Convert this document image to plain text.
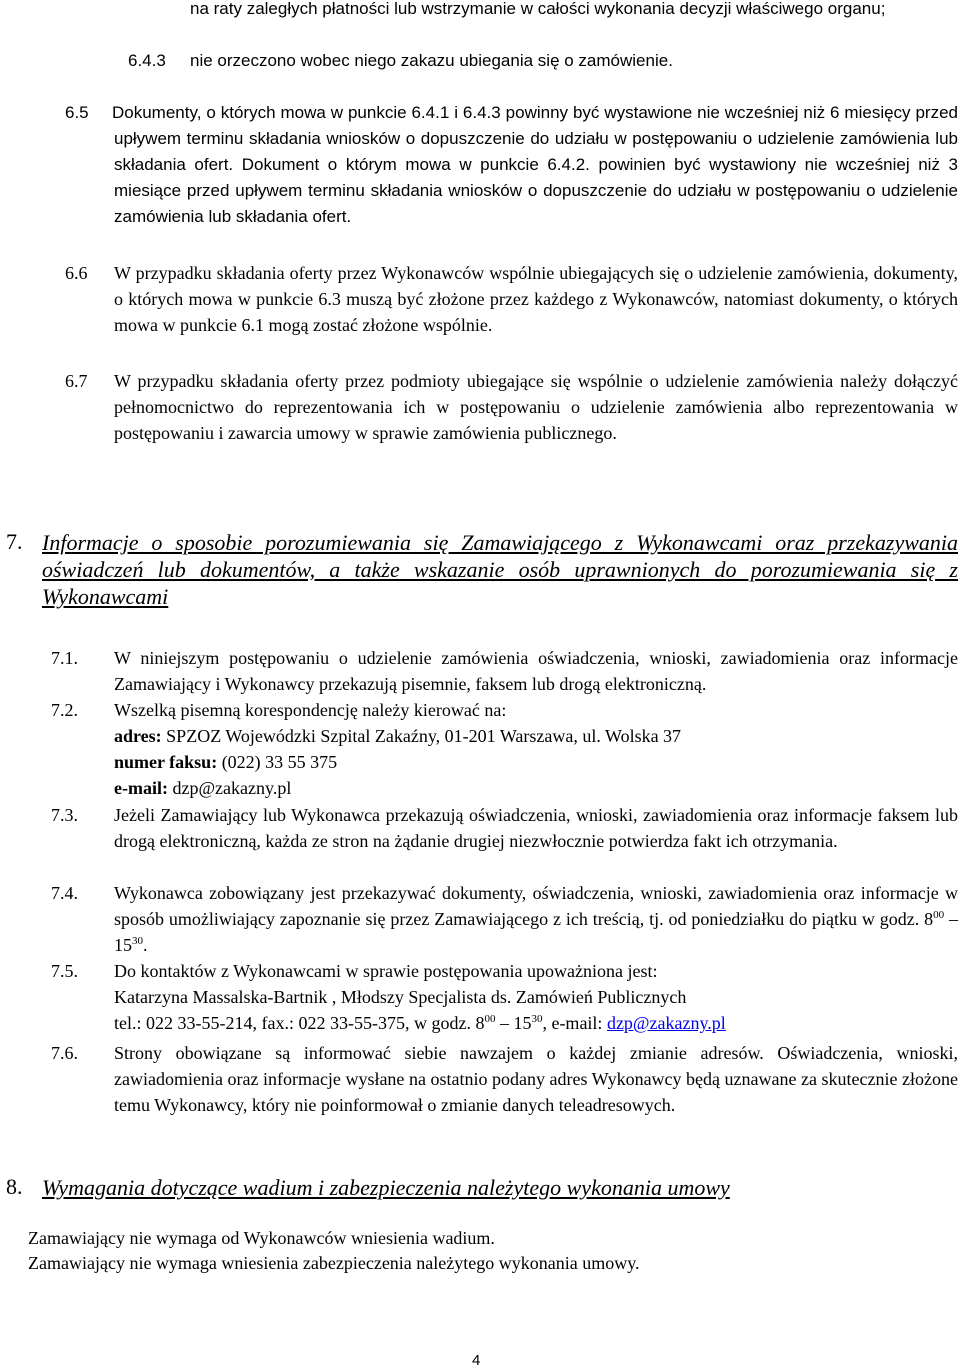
na raty zaległych płatności lub wstrzymanie w całości wykonania decyzji właściwego organu;
6.4.3 nie orzeczono wobec niego zakazu ubiegania się o zamówienie.
6.5 Dokumenty, o których mowa w punkcie 6.4.1 i 6.4.3 powinny być wystawione nie wcześniej niż 6 miesięcy przed upływem terminu składania wniosków o dopuszczenie do udziału w postępowaniu o udzielenie zamówienia lub składania ofert. Dokument o którym mowa w punkcie 6.4.2. powinien być wystawiony nie wcześniej niż 3 miesiące przed upływem terminu składania wniosków o dopuszczenie do udziału w postępowaniu o udzielenie zamówienia lub składania ofert.
6.6 W przypadku składania oferty przez Wykonawców wspólnie ubiegających się o udzielenie zamówienia, dokumenty, o których mowa w punkcie 6.3 muszą być złożone przez każdego z Wykonawców, natomiast dokumenty, o których mowa w punkcie 6.1 mogą zostać złożone wspólnie.
6.7 W przypadku składania oferty przez podmioty ubiegające się wspólnie o udzielenie zamówienia należy dołączyć pełnomocnictwo do reprezentowania ich w postępowaniu o udzielenie zamówienia albo reprezentowania w postępowaniu i zawarcia umowy w sprawie zamówienia publicznego.
7. Informacje o sposobie porozumiewania się Zamawiającego z Wykonawcami oraz przekazywania oświadczeń lub dokumentów, a także wskazanie osób uprawnionych do porozumiewania się z Wykonawcami
7.1. W niniejszym postępowaniu o udzielenie zamówienia oświadczenia, wnioski, zawiadomienia oraz informacje Zamawiający i Wykonawcy przekazują pisemnie, faksem lub drogą elektroniczną.
7.2. Wszelką pisemną korespondencję należy kierować na:
adres: SPZOZ Wojewódzki Szpital Zakaźny, 01-201 Warszawa, ul. Wolska 37
numer faksu: (022) 33 55 375
e-mail: dzp@zakazny.pl
7.3. Jeżeli Zamawiający lub Wykonawca przekazują oświadczenia, wnioski, zawiadomienia oraz informacje faksem lub drogą elektroniczną, każda ze stron na żądanie drugiej niezwłocznie potwierdza fakt ich otrzymania.
7.4. Wykonawca zobowiązany jest przekazywać dokumenty, oświadczenia, wnioski, zawiadomienia oraz informacje w sposób umożliwiający zapoznanie się przez Zamawiającego z ich treścią, tj. od poniedziałku do piątku w godz. $8^{00} - 15^{30}$.
7.5. Do kontaktów z Wykonawcami w sprawie postępowania upoważniona jest:
Katarzyna Massalska-Bartnik , Młodszy Specjalista ds. Zamówień Publicznych
tel.: 022 33-55-214, fax.: 022 33-55-375, w godz. $8^{00} - 15^{30}$, e-mail: dzp@zakazny.pl
7.6. Strony obowiązane są informować siebie nawzajem o każdej zmianie adresów. Oświadczenia, wnioski, zawiadomienia oraz informacje wysłane na ostatnio podany adres Wykonawcy będą uznawane za skutecznie złożone temu Wykonawcy, który nie poinformował o zmianie danych teleadresowych.
8. Wymagania dotyczące wadium i zabezpieczenia należytego wykonania umowy
Zamawiający nie wymaga od Wykonawców wniesienia wadium.
Zamawiający nie wymaga wniesienia zabezpieczenia należytego wykonania umowy.
4
